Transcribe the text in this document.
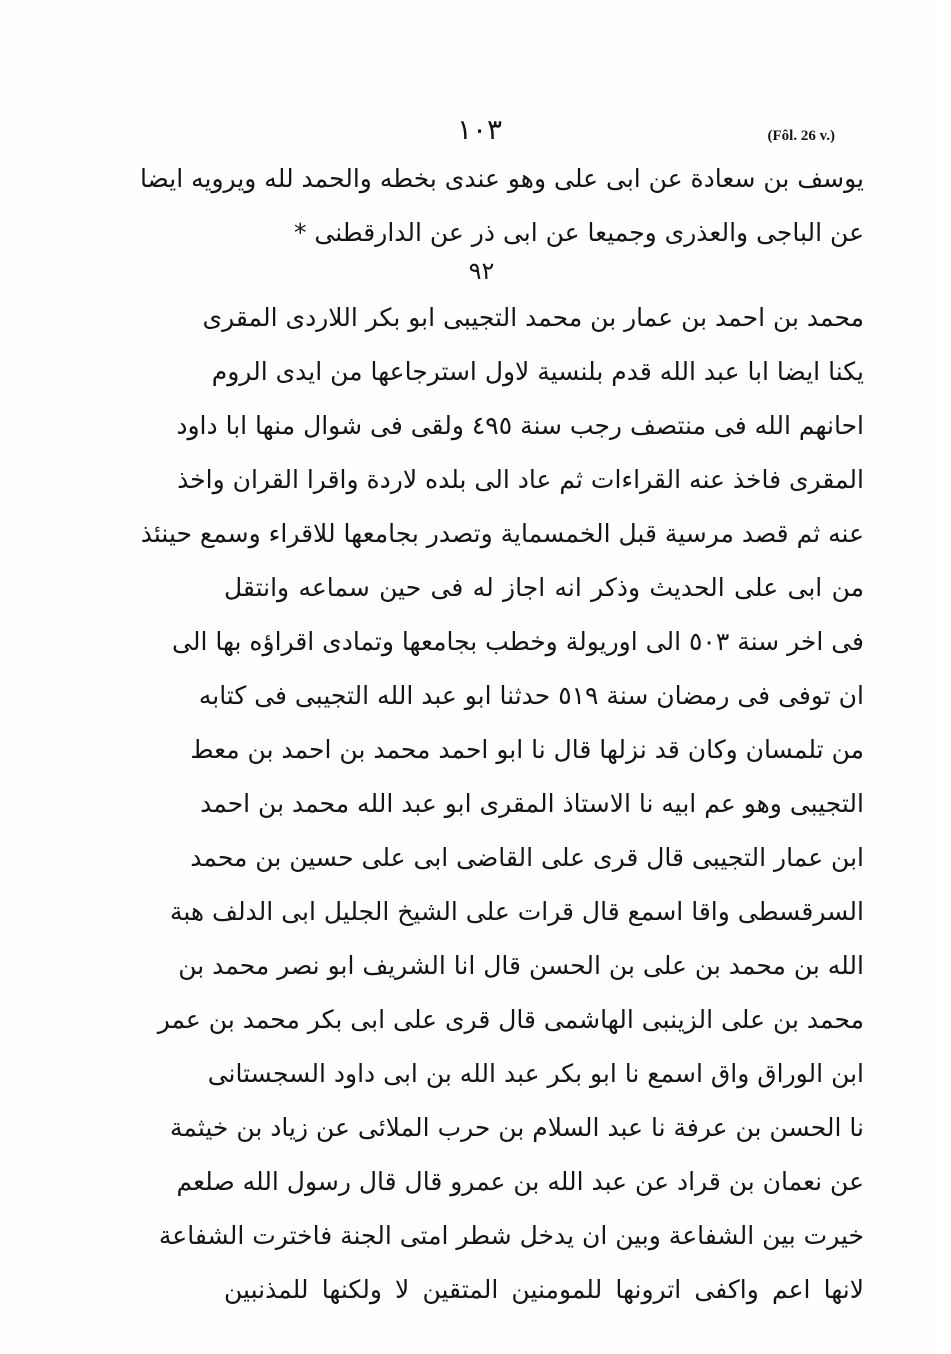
١٠٣	(Fôl. 26 v.)
يوسف بن سعادة عن ابى على وهو عندى بخطه والحمد لله ويرويه ايضا
عن الباجى والعذرى وجميعا عن ابى ذر عن الدارقطنى *
٩٢
محمد بن احمد بن عمار بن محمد التجيبى ابو بكر اللاردى المقرى
يكنا ايضا ابا عبد الله قدم بلنسية لاول استرجاعها من ايدى الروم
احانهم الله فى منتصف رجب سنة ٤٩٥ ولقى فى شوال منها ابا داود
المقرى فاخذ عنه القراءات ثم عاد الى بلده لاردة واقرا القران واخذ
عنه ثم قصد مرسية قبل الخمسماية وتصدر بجامعها للاقراء وسمع حينئذ
من ابى على الحديث وذكر انه اجاز له فى حين سماعه وانتقل
فى اخر سنة ٥٠٣ الى اوريولة وخطب بجامعها وتمادى اقراؤه بها الى
ان توفى فى رمضان سنة ٥١٩ حدثنا ابو عبد الله التجيبى فى كتابه
من تلمسان وكان قد نزلها قال نا ابو احمد محمد بن احمد بن معط
التجيبى وهو عم ابيه نا الاستاذ المقرى ابو عبد الله محمد بن احمد
ابن عمار التجيبى قال قرى على القاضى ابى على حسين بن محمد
السرقسطى واقا اسمع قال قرات على الشيخ الجليل ابى الدلف هبة
الله بن محمد بن على بن الحسن قال انا الشريف ابو نصر محمد بن
محمد بن على الزينبى الهاشمى قال قرى على ابى بكر محمد بن عمر
ابن الوراق واق اسمع نا ابو بكر عبد الله بن ابى داود السجستانى
نا الحسن بن عرفة نا عبد السلام بن حرب الملائى عن زياد بن خيثمة
عن نعمان بن قراد عن عبد الله بن عمرو قال قال رسول الله صلعم
خيرت بين الشفاعة وبين ان يدخل شطر امتى الجنة فاخترت الشفاعة
لانها اعم واكفى اترونها للمومنين المتقين لا ولكنها للمذنبين
